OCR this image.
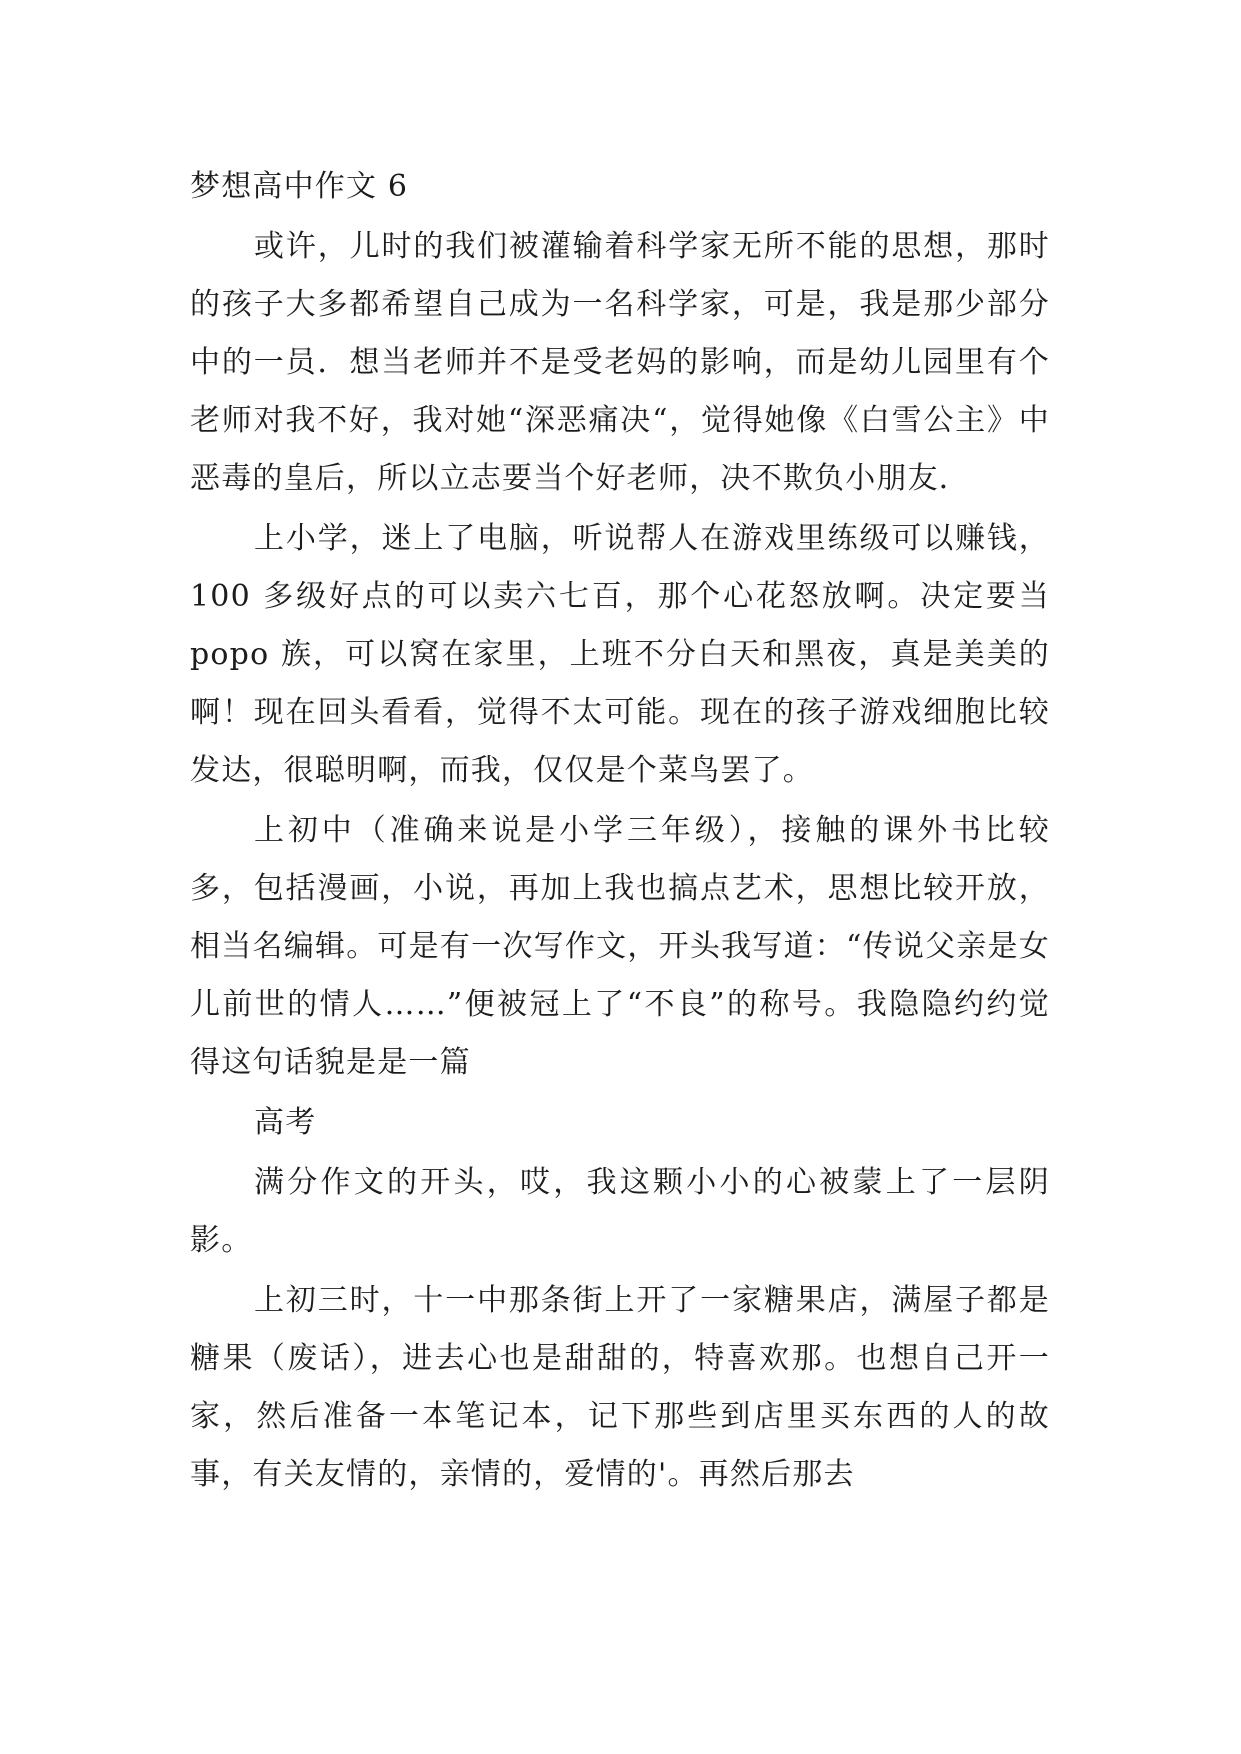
梦想高中作文 6

或许，儿时的我们被灌输着科学家无所不能的思想，那时的孩子大多都希望自己成为一名科学家，可是，我是那少部分中的一员．想当老师并不是受老妈的影响，而是幼儿园里有个老师对我不好，我对她“深恶痛决“，觉得她像《白雪公主》中恶毒的皇后，所以立志要当个好老师，决不欺负小朋友．

上小学，迷上了电脑，听说帮人在游戏里练级可以赚钱，100 多级好点的可以卖六七百，那个心花怒放啊。决定要当 popo 族，可以窝在家里，上班不分白天和黑夜，真是美美的啊！现在回头看看，觉得不太可能。现在的孩子游戏细胞比较发达，很聪明啊，而我，仅仅是个菜鸟罢了。

上初中（准确来说是小学三年级），接触的课外书比较多，包括漫画，小说，再加上我也搞点艺术，思想比较开放，相当名编辑。可是有一次写作文，开头我写道：“传说父亲是女儿前世的情人……”便被冠上了“不良”的称号。我隐隐约约觉得这句话貌是是一篇

高考

满分作文的开头，哎，我这颗小小的心被蒙上了一层阴影。

上初三时，十一中那条街上开了一家糖果店，满屋子都是糖果（废话），进去心也是甜甜的，特喜欢那。也想自己开一家，然后准备一本笔记本，记下那些到店里买东西的人的故事，有关友情的，亲情的，爱情的'。再然后那去
